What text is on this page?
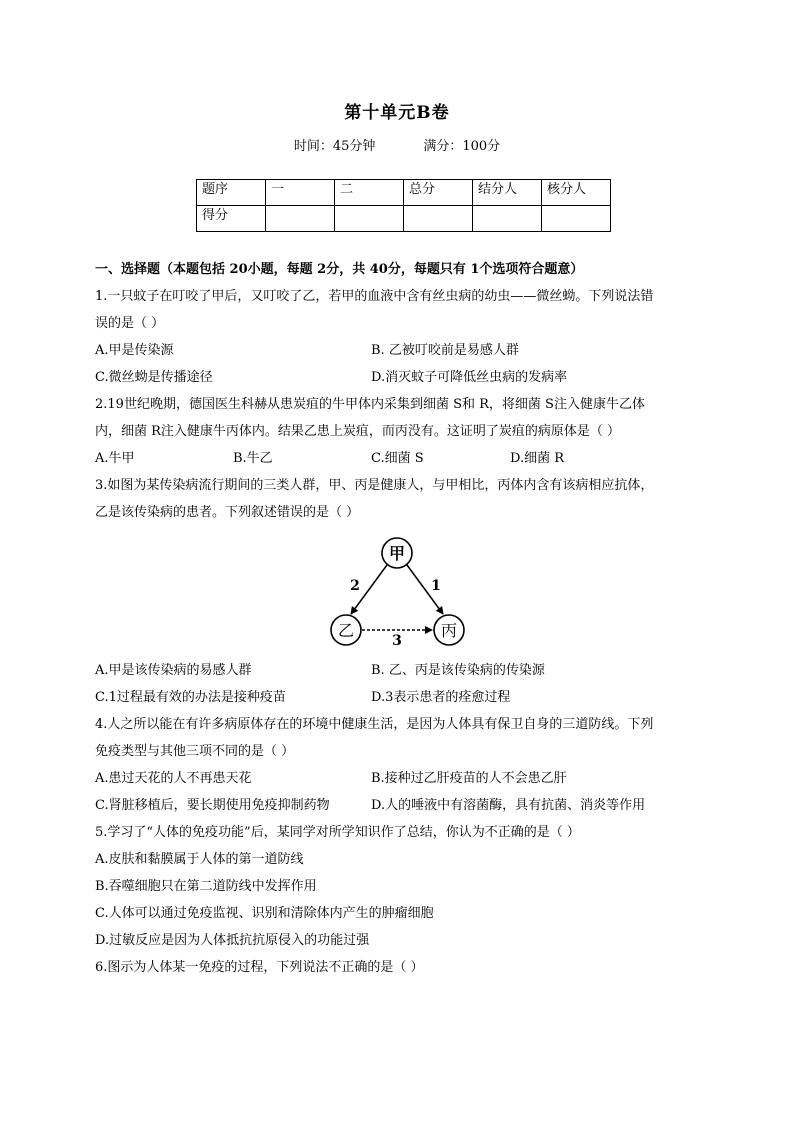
第十单元B卷
时间：45分钟	满分：100分
题序	一	二	总分	结分人	核分人
得分					
一、选择题（本题包括 20小题，每题 2分，共 40分，每题只有 1个选项符合题意）
1.一只蚊子在叮咬了甲后，又叮咬了乙，若甲的血液中含有丝虫病的幼虫——微丝蚴。下列说法错
误的是（ ）
A.甲是传染源	B. 乙被叮咬前是易感人群
C.微丝蚴是传播途径	D.消灭蚊子可降低丝虫病的发病率
2.19世纪晚期，德国医生科赫从患炭疽的牛甲体内采集到细菌 S和 R，将细菌 S注入健康牛乙体
内，细菌 R注入健康牛丙体内。结果乙患上炭疽，而丙没有。这证明了炭疽的病原体是（ ）
A.牛甲	B.牛乙	C.细菌 S	D.细菌 R
3.如图为某传染病流行期间的三类人群，甲、丙是健康人，与甲相比，丙体内含有该病相应抗体，
乙是该传染病的患者。下列叙述错误的是（ ）
甲
乙	丙
2	1
3
A.甲是该传染病的易感人群	B. 乙、丙是该传染病的传染源
C.1过程最有效的办法是接种疫苗	D.3表示患者的痊愈过程
4.人之所以能在有许多病原体存在的环境中健康生活，是因为人体具有保卫自身的三道防线。下列
免疫类型与其他三项不同的是（ ）
A.患过天花的人不再患天花	B.接种过乙肝疫苗的人不会患乙肝
C.肾脏移植后，要长期使用免疫抑制药物	D.人的唾液中有溶菌酶，具有抗菌、消炎等作用
5.学习了“人体的免疫功能”后，某同学对所学知识作了总结，你认为不正确的是（ ）
A.皮肤和黏膜属于人体的第一道防线
B.吞噬细胞只在第二道防线中发挥作用
C.人体可以通过免疫监视、识别和清除体内产生的肿瘤细胞
D.过敏反应是因为人体抵抗抗原侵入的功能过强
6.图示为人体某一免疫的过程，下列说法不正确的是（ ）
